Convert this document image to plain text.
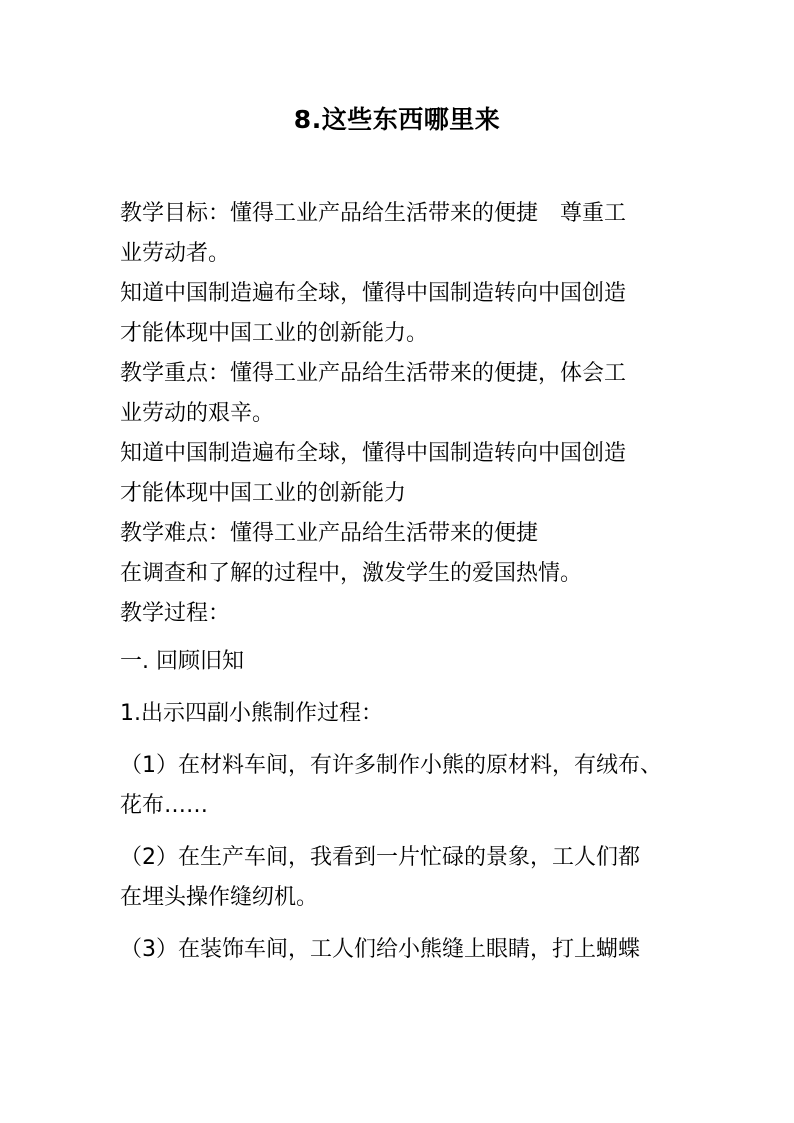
8.这些东西哪里来
教学目标：懂得工业产品给生活带来的便捷　尊重工
业劳动者。
知道中国制造遍布全球，懂得中国制造转向中国创造
才能体现中国工业的创新能力。
教学重点：懂得工业产品给生活带来的便捷，体会工
业劳动的艰辛。
知道中国制造遍布全球，懂得中国制造转向中国创造
才能体现中国工业的创新能力
教学难点：懂得工业产品给生活带来的便捷
在调查和了解的过程中，激发学生的爱国热情。
教学过程：
一. 回顾旧知
1.出示四副小熊制作过程：
（1）在材料车间，有许多制作小熊的原材料，有绒布、
花布……
（2）在生产车间，我看到一片忙碌的景象，工人们都
在埋头操作缝纫机。
（3）在装饰车间，工人们给小熊缝上眼睛，打上蝴蝶
